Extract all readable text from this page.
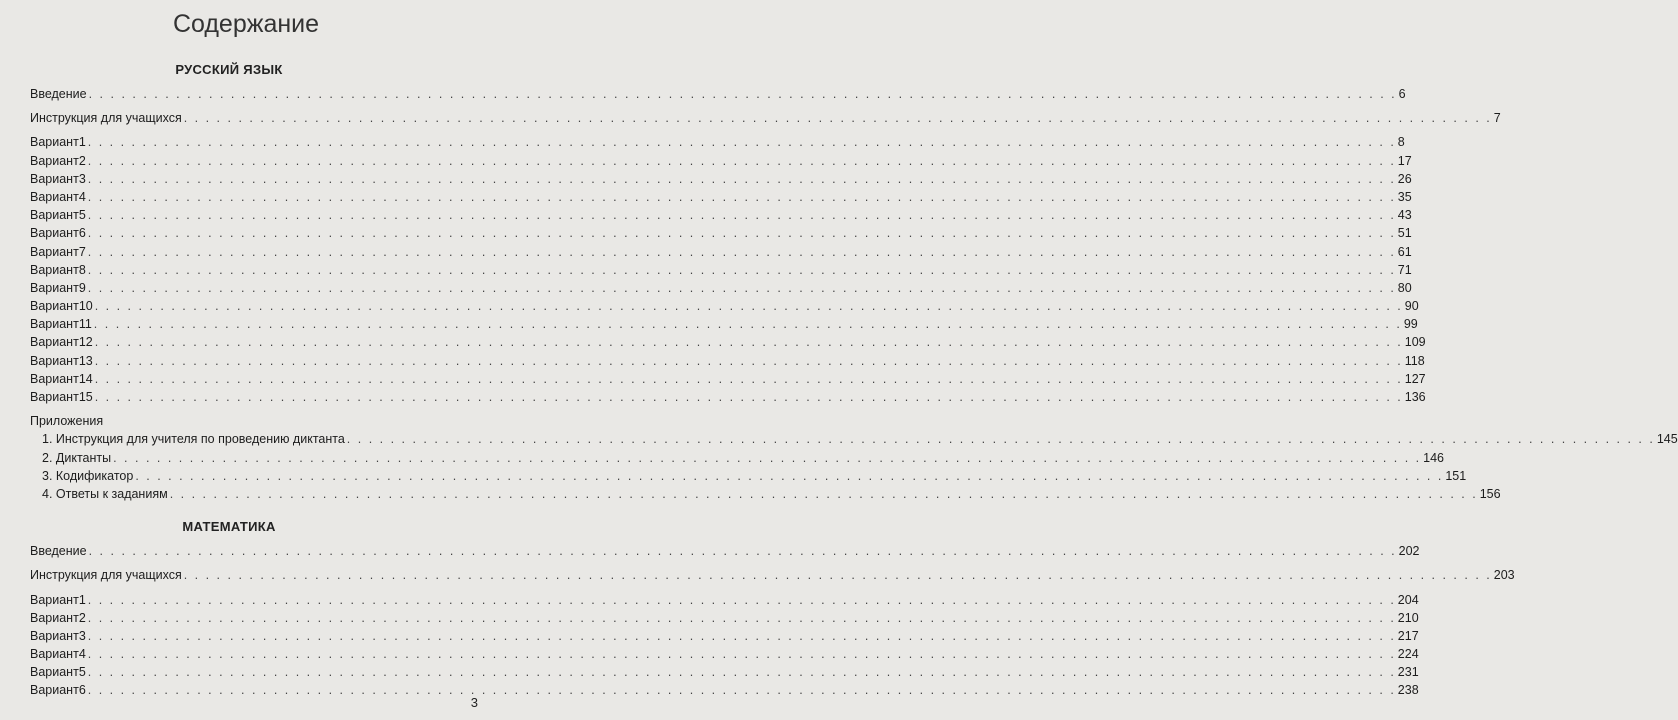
Содержание
РУССКИЙ ЯЗЫК
Введение . . . . . . . . . . . . . . . . . . . . . . . . . . . . . . . . . . . . . . . . . . . . . . . . . . . . . . . . . . . . . . . . . . . . . . . . . . . . . . . . . . . . . . . . . . . . . . . . . . . . . . . . . . . . . . . . . . . . . . . . 6
Инструкция для учащихся . . . . . . . . . . . . . . . . . . . . . . . . . . . . . . . . . . . . . . . . . . . . . . . . . . . . . . . . . . . . . . . . . . . . . . . . . . . . . . . . . . . . . . . . . . . . . . . . . . . . . . . . . . . . . . . . . . . . . . . . 7
Вариант 1 . . . . . . . . . . . . . . . . . . . . . . . . . . . . . . . . . . . . . . . . . . . . . . . . . . . . . . . . . . . . . . . . . . . . . . . . . . . . . . . . . . . . . . . . . . . . . . . . . . . . . . . . . . . . . . . . . . . . . . . . 8
Вариант 2 . . . . . . . . . . . . . . . . . . . . . . . . . . . . . . . . . . . . . . . . . . . . . . . . . . . . . . . . . . . . . . . . . . . . . . . . . . . . . . . . . . . . . . . . . . . . . . . . . . . . . . . . . . . . . . . . . . . . . . . . 17
Вариант 3 . . . . . . . . . . . . . . . . . . . . . . . . . . . . . . . . . . . . . . . . . . . . . . . . . . . . . . . . . . . . . . . . . . . . . . . . . . . . . . . . . . . . . . . . . . . . . . . . . . . . . . . . . . . . . . . . . . . . . . . . 26
Вариант 4 . . . . . . . . . . . . . . . . . . . . . . . . . . . . . . . . . . . . . . . . . . . . . . . . . . . . . . . . . . . . . . . . . . . . . . . . . . . . . . . . . . . . . . . . . . . . . . . . . . . . . . . . . . . . . . . . . . . . . . . . 35
Вариант 5 . . . . . . . . . . . . . . . . . . . . . . . . . . . . . . . . . . . . . . . . . . . . . . . . . . . . . . . . . . . . . . . . . . . . . . . . . . . . . . . . . . . . . . . . . . . . . . . . . . . . . . . . . . . . . . . . . . . . . . . . 43
Вариант 6 . . . . . . . . . . . . . . . . . . . . . . . . . . . . . . . . . . . . . . . . . . . . . . . . . . . . . . . . . . . . . . . . . . . . . . . . . . . . . . . . . . . . . . . . . . . . . . . . . . . . . . . . . . . . . . . . . . . . . . . . 51
Вариант 7 . . . . . . . . . . . . . . . . . . . . . . . . . . . . . . . . . . . . . . . . . . . . . . . . . . . . . . . . . . . . . . . . . . . . . . . . . . . . . . . . . . . . . . . . . . . . . . . . . . . . . . . . . . . . . . . . . . . . . . . . 61
Вариант 8 . . . . . . . . . . . . . . . . . . . . . . . . . . . . . . . . . . . . . . . . . . . . . . . . . . . . . . . . . . . . . . . . . . . . . . . . . . . . . . . . . . . . . . . . . . . . . . . . . . . . . . . . . . . . . . . . . . . . . . . . 71
Вариант 9 . . . . . . . . . . . . . . . . . . . . . . . . . . . . . . . . . . . . . . . . . . . . . . . . . . . . . . . . . . . . . . . . . . . . . . . . . . . . . . . . . . . . . . . . . . . . . . . . . . . . . . . . . . . . . . . . . . . . . . . . 80
Вариант 10 . . . . . . . . . . . . . . . . . . . . . . . . . . . . . . . . . . . . . . . . . . . . . . . . . . . . . . . . . . . . . . . . . . . . . . . . . . . . . . . . . . . . . . . . . . . . . . . . . . . . . . . . . . . . . . . . . . . . . . . . 90
Вариант 11 . . . . . . . . . . . . . . . . . . . . . . . . . . . . . . . . . . . . . . . . . . . . . . . . . . . . . . . . . . . . . . . . . . . . . . . . . . . . . . . . . . . . . . . . . . . . . . . . . . . . . . . . . . . . . . . . . . . . . . . . 99
Вариант 12 . . . . . . . . . . . . . . . . . . . . . . . . . . . . . . . . . . . . . . . . . . . . . . . . . . . . . . . . . . . . . . . . . . . . . . . . . . . . . . . . . . . . . . . . . . . . . . . . . . . . . . . . . . . . . . . . . . . . . . . . 109
Вариант 13 . . . . . . . . . . . . . . . . . . . . . . . . . . . . . . . . . . . . . . . . . . . . . . . . . . . . . . . . . . . . . . . . . . . . . . . . . . . . . . . . . . . . . . . . . . . . . . . . . . . . . . . . . . . . . . . . . . . . . . . . 118
Вариант 14 . . . . . . . . . . . . . . . . . . . . . . . . . . . . . . . . . . . . . . . . . . . . . . . . . . . . . . . . . . . . . . . . . . . . . . . . . . . . . . . . . . . . . . . . . . . . . . . . . . . . . . . . . . . . . . . . . . . . . . . . 127
Вариант 15 . . . . . . . . . . . . . . . . . . . . . . . . . . . . . . . . . . . . . . . . . . . . . . . . . . . . . . . . . . . . . . . . . . . . . . . . . . . . . . . . . . . . . . . . . . . . . . . . . . . . . . . . . . . . . . . . . . . . . . . . 136
Приложения
1. Инструкция для учителя по проведению диктанта . . . . . . . . . . . . . . . . . . . . . . . . . . . . . . . . . . . . . . . . . . . . . . . . . . . . . . . . . . . . . . . . . . . . . . . . . . . . . . . . . . . . . . . . . . . . . . . . . . . . . . . . . . . . . . . . . . . . . . . . 145
2. Диктанты . . . . . . . . . . . . . . . . . . . . . . . . . . . . . . . . . . . . . . . . . . . . . . . . . . . . . . . . . . . . . . . . . . . . . . . . . . . . . . . . . . . . . . . . . . . . . . . . . . . . . . . . . . . . . . . . . . . . . . . . 146
3. Кодификатор . . . . . . . . . . . . . . . . . . . . . . . . . . . . . . . . . . . . . . . . . . . . . . . . . . . . . . . . . . . . . . . . . . . . . . . . . . . . . . . . . . . . . . . . . . . . . . . . . . . . . . . . . . . . . . . . . . . . . . . . 151
4. Ответы к заданиям . . . . . . . . . . . . . . . . . . . . . . . . . . . . . . . . . . . . . . . . . . . . . . . . . . . . . . . . . . . . . . . . . . . . . . . . . . . . . . . . . . . . . . . . . . . . . . . . . . . . . . . . . . . . . . . . . . . . . . . . 156
МАТЕМАТИКА
Введение . . . . . . . . . . . . . . . . . . . . . . . . . . . . . . . . . . . . . . . . . . . . . . . . . . . . . . . . . . . . . . . . . . . . . . . . . . . . . . . . . . . . . . . . . . . . . . . . . . . . . . . . . . . . . . . . . . . . . . . . 202
Инструкция для учащихся . . . . . . . . . . . . . . . . . . . . . . . . . . . . . . . . . . . . . . . . . . . . . . . . . . . . . . . . . . . . . . . . . . . . . . . . . . . . . . . . . . . . . . . . . . . . . . . . . . . . . . . . . . . . . . . . . . . . . . . . 203
Вариант 1 . . . . . . . . . . . . . . . . . . . . . . . . . . . . . . . . . . . . . . . . . . . . . . . . . . . . . . . . . . . . . . . . . . . . . . . . . . . . . . . . . . . . . . . . . . . . . . . . . . . . . . . . . . . . . . . . . . . . . . . . 204
Вариант 2 . . . . . . . . . . . . . . . . . . . . . . . . . . . . . . . . . . . . . . . . . . . . . . . . . . . . . . . . . . . . . . . . . . . . . . . . . . . . . . . . . . . . . . . . . . . . . . . . . . . . . . . . . . . . . . . . . . . . . . . . 210
Вариант 3 . . . . . . . . . . . . . . . . . . . . . . . . . . . . . . . . . . . . . . . . . . . . . . . . . . . . . . . . . . . . . . . . . . . . . . . . . . . . . . . . . . . . . . . . . . . . . . . . . . . . . . . . . . . . . . . . . . . . . . . . 217
Вариант 4 . . . . . . . . . . . . . . . . . . . . . . . . . . . . . . . . . . . . . . . . . . . . . . . . . . . . . . . . . . . . . . . . . . . . . . . . . . . . . . . . . . . . . . . . . . . . . . . . . . . . . . . . . . . . . . . . . . . . . . . . 224
Вариант 5 . . . . . . . . . . . . . . . . . . . . . . . . . . . . . . . . . . . . . . . . . . . . . . . . . . . . . . . . . . . . . . . . . . . . . . . . . . . . . . . . . . . . . . . . . . . . . . . . . . . . . . . . . . . . . . . . . . . . . . . . 231
Вариант 6 . . . . . . . . . . . . . . . . . . . . . . . . . . . . . . . . . . . . . . . . . . . . . . . . . . . . . . . . . . . . . . . . . . . . . . . . . . . . . . . . . . . . . . . . . . . . . . . . . . . . . . . . . . . . . . . . . . . . . . . . 238
3
